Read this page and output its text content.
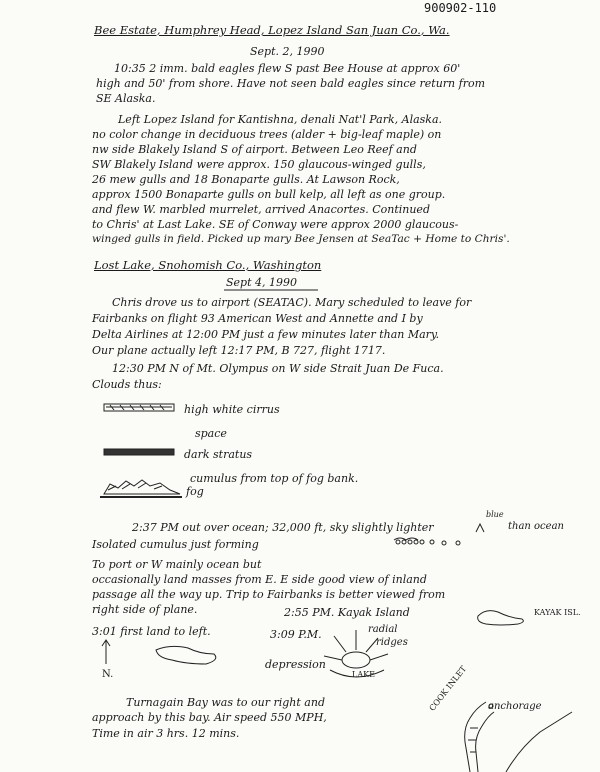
900902-110
Bee Estate, Humphrey Head, Lopez Island San Juan Co., Wa.
Sept. 2, 1990
10:35 2 imm. bald eagles flew S past Bee House at approx 60'
high and 50' from shore. Have not seen bald eagles since return from
SE Alaska.
Left Lopez Island for Kantishna, denali Nat'l Park, Alaska.
no color change in deciduous trees (alder + big-leaf maple) on
nw side Blakely Island S of airport. Between Leo Reef and
SW Blakely Island were approx. 150 glaucous-winged gulls,
26 mew gulls and 18 Bonaparte gulls. At Lawson Rock,
approx 1500 Bonaparte gulls on bull kelp, all left as one group.
and flew W. marbled murrelet, arrived Anacortes. Continued
to Chris' at Last Lake. SE of Conway were approx 2000 glaucous-
winged gulls in field. Picked up mary Bee Jensen at SeaTac + Home to Chris'.
Lost Lake, Snohomish Co., Washington
Sept 4, 1990
Chris drove us to airport (SEATAC). Mary scheduled to leave for
Fairbanks on flight 93 American West and Annette and I by
Delta Airlines at 12:00 PM just a few minutes later than Mary.
Our plane actually left 12:17 PM, B 727, flight 1717.
12:30 PM N of Mt. Olympus on W side Strait Juan De Fuca.
Clouds thus:
high white cirrus
space
dark stratus
cumulus from top of fog bank.
fog
2:37 PM out over ocean; 32,000 ft, sky slightly lighter
blue
than ocean
Isolated cumulus just forming
To port or W mainly ocean but
occasionally land masses from E. E side good view of inland
passage all the way up. Trip to Fairbanks is better viewed from
right side of plane.	2:55 PM. Kayak Island	KAYAK ISL.
3:01 first land to left.	3:09 P.M.	radial
ridges
N.
depression
LAKE
Turnagain Bay was to our right and
approach by this bay. Air speed 550 MPH,
Time in air 3 hrs. 12 mins.
COOK INLET anchorage
